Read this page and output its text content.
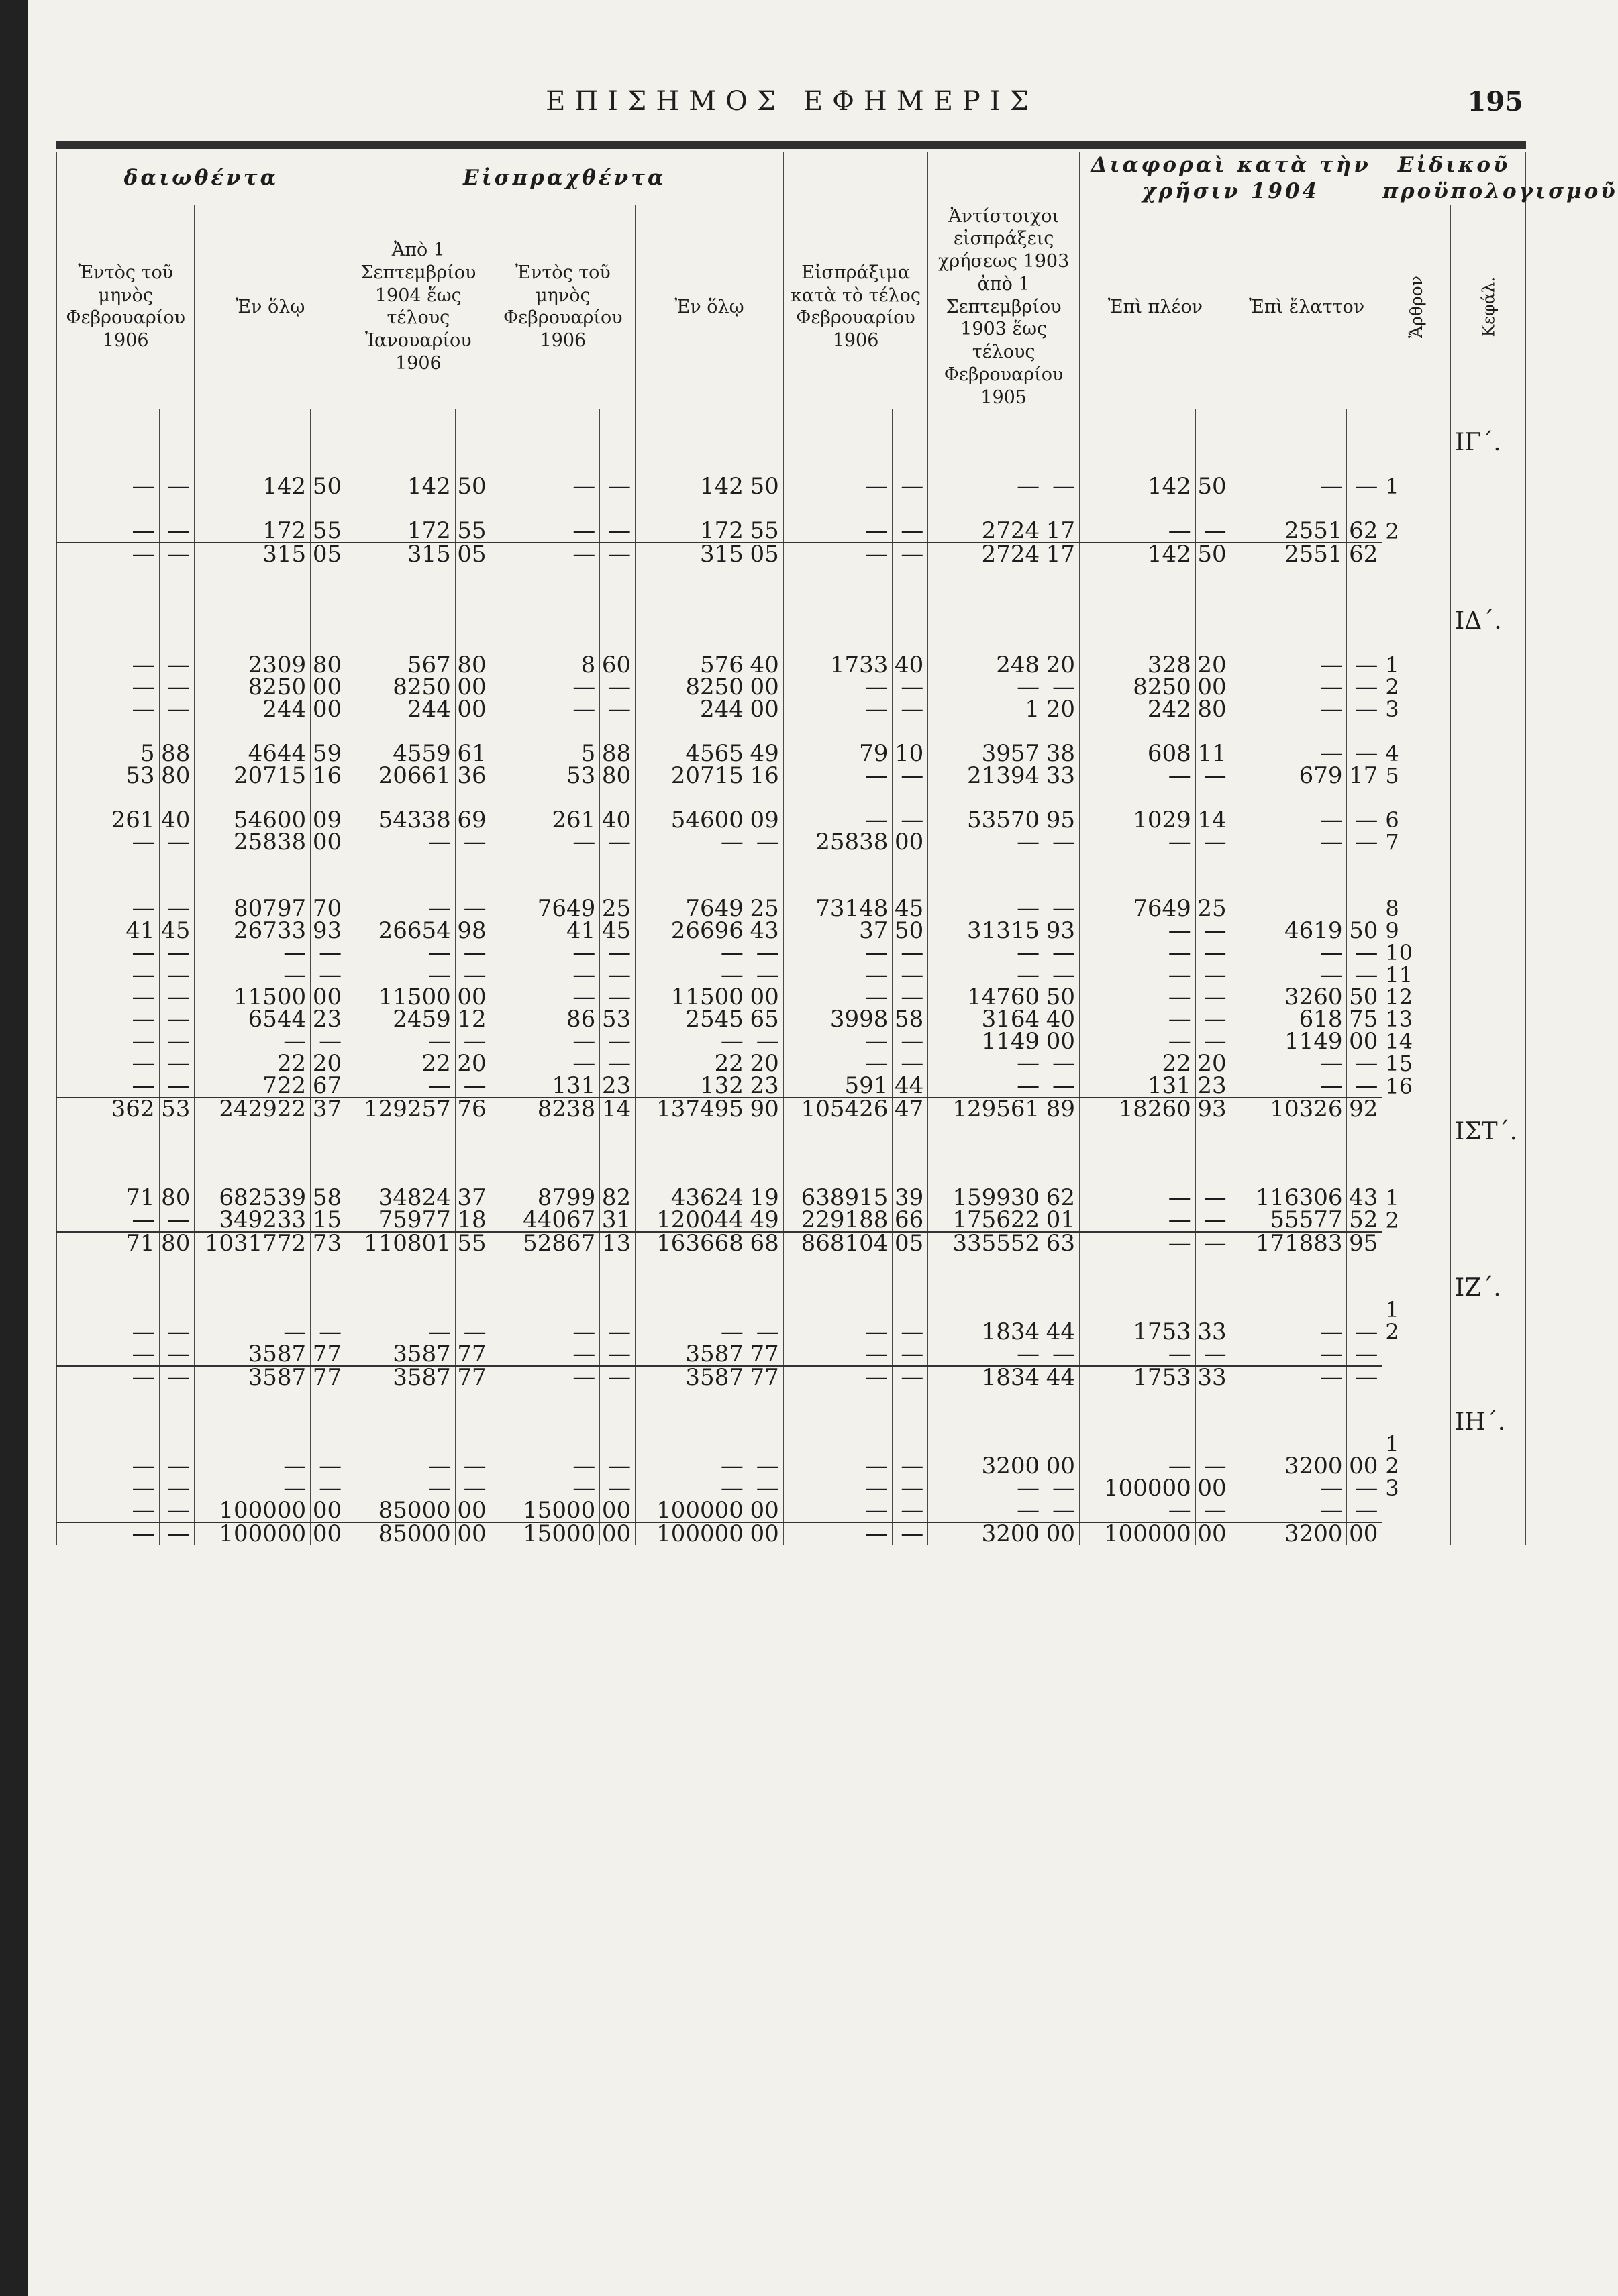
ΕΠΙΣΗΜΟΣ ΕΦΗΜΕΡΙΣ	195
δαιωθέντα				Εἰσπραχθέντα										Διαφοραὶ κατὰ τὴν χρῆσιν 1904				Εἰδικοῦ προϋπολογισμοῦ	
Ἐντὸς τοῦ μηνὸς Φεβρουαρίου 1906		Ἐν ὅλῳ		Ἀπὸ 1 Σεπτεμβρίου 1904 ἕως τέλους Ἰανουαρίου 1906		Ἐντὸς τοῦ μηνὸς Φεβρουαρίου 1906		Ἐν ὅλῳ		Εἰσπράξιμα κατὰ τὸ τέλος Φεβρουαρίου 1906		Ἀντίστοιχοι εἰσπράξεις χρήσεως 1903 ἀπὸ 1 Σεπτεμβρίου 1903 ἕως τέλους Φεβρουαρίου 1905		Ἐπὶ πλέον		Ἐπὶ ἔλαττον		Ἄρθρον	Κεφάλ.

																			ΙΓ΄.

—	—	142	50	142	50	—	—	142	50	—	—	—	—	142	50	—	—	1	

—	—	172	55	172	55	—	—	172	55	—	—	2724	17	—	—	2551	62	2	
—	—	315	05	315	05	—	—	315	05	—	—	2724	17	142	50	2551	62		

																			ΙΔ΄.

—	—	2309	80	567	80	8	60	576	40	1733	40	248	20	328	20	—	—	1	
—	—	8250	00	8250	00	—	—	8250	00	—	—	—	—	8250	00	—	—	2	
—	—	244	00	244	00	—	—	244	00	—	—	1	20	242	80	—	—	3	

5	88	4644	59	4559	61	5	88	4565	49	79	10	3957	38	608	11	—	—	4	
53	80	20715	16	20661	36	53	80	20715	16	—	—	21394	33	—	—	679	17	5	

261	40	54600	09	54338	69	261	40	54600	09	—	—	53570	95	1029	14	—	—	6	
—	—	25838	00	—	—	—	—	—	—	25838	00	—	—	—	—	—	—	7	

—	—	80797	70	—	—	7649	25	7649	25	73148	45	—	—	7649	25			8	
41	45	26733	93	26654	98	41	45	26696	43	37	50	31315	93	—	—	4619	50	9	
—	—	—	—	—	—	—	—	—	—	—	—	—	—	—	—	—	—	10	
—	—	—	—	—	—	—	—	—	—	—	—	—	—	—	—	—	—	11	
—	—	11500	00	11500	00	—	—	11500	00	—	—	14760	50	—	—	3260	50	12	
—	—	6544	23	2459	12	86	53	2545	65	3998	58	3164	40	—	—	618	75	13	
—	—	—	—	—	—	—	—	—	—	—	—	1149	00	—	—	1149	00	14	
—	—	22	20	22	20	—	—	22	20	—	—	—	—	22	20	—	—	15	
—	—	722	67	—	—	131	23	132	23	591	44	—	—	131	23	—	—	16	
362	53	242922	37	129257	76	8238	14	137495	90	105426	47	129561	89	18260	93	10326	92		
																			ΙΣΤ΄.

71	80	682539	58	34824	37	8799	82	43624	19	638915	39	159930	62	—	—	116306	43	1	
—	—	349233	15	75977	18	44067	31	120044	49	229188	66	175622	01	—	—	55577	52	2	
71	80	1031772	73	110801	55	52867	13	163668	68	868104	05	335552	63	—	—	171883	95		

																			ΙΖ΄.
																		1	
—	—	—	—	—	—	—	—	—	—	—	—	1834	44	1753	33	—	—	2	
—	—	3587	77	3587	77	—	—	3587	77	—	—	—	—	—	—	—	—		
—	—	3587	77	3587	77	—	—	3587	77	—	—	1834	44	1753	33	—	—		

																			ΙΗ΄.
																		1	
—	—	—	—	—	—	—	—	—	—	—	—	3200	00	—	—	3200	00	2	
—	—	—	—	—	—	—	—	—	—	—	—	—	—	100000	00	—	—	3	
—	—	100000	00	85000	00	15000	00	100000	00	—	—	—	—	—	—	—	—		
—	—	100000	00	85000	00	15000	00	100000	00	—	—	3200	00	100000	00	3200	00		
